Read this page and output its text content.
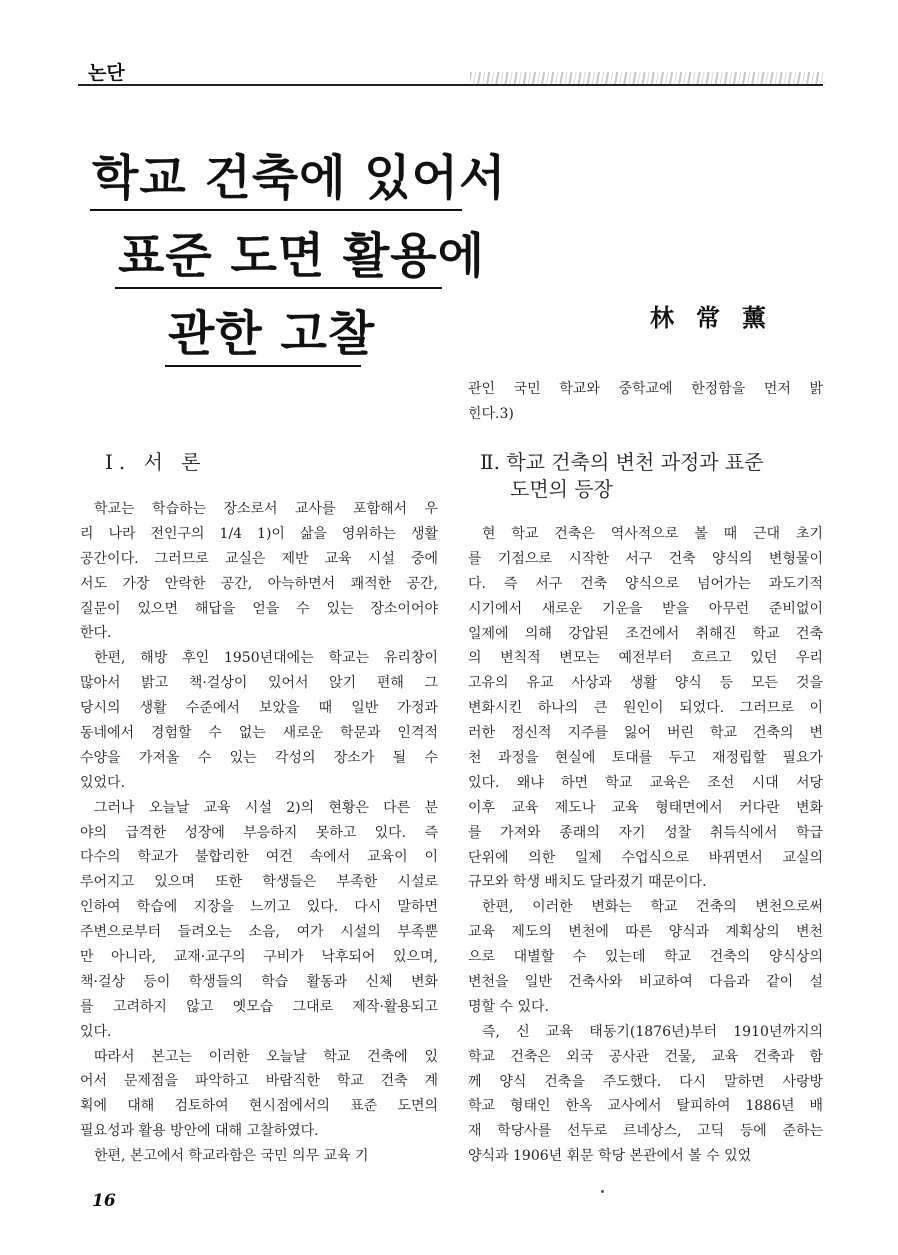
논단
학교 건축에 있어서
표준 도면 활용에
관한 고찰	林常薰
관인 국민 학교와 중학교에 한정함을 먼저 밝
힌다.3)
Ⅰ. 서 론	Ⅱ. 학교 건축의 변천 과정과 표준
도면의 등장
학교는 학습하는 장소로서 교사를 포함해서 우
리 나라 전인구의 1/4 1)이 삶을 영위하는 생활
공간이다. 그러므로 교실은 제반 교육 시설 중에
서도 가장 안락한 공간, 아늑하면서 쾌적한 공간,
질문이 있으면 해답을 얻을 수 있는 장소이어야
한다.
한편, 해방 후인 1950년대에는 학교는 유리창이
많아서 밝고 책·걸상이 있어서 앉기 편해 그
당시의 생활 수준에서 보았을 때 일반 가정과
동네에서 경험할 수 없는 새로운 학문과 인격적
수양을 가져올 수 있는 각성의 장소가 될 수
있었다.
그러나 오늘날 교육 시설 2)의 현황은 다른 분
야의 급격한 성장에 부응하지 못하고 있다. 즉
다수의 학교가 불합리한 여건 속에서 교육이 이
루어지고 있으며 또한 학생들은 부족한 시설로
인하여 학습에 지장을 느끼고 있다. 다시 말하면
주변으로부터 들려오는 소음, 여가 시설의 부족뿐
만 아니라, 교재·교구의 구비가 낙후되어 있으며,
책·걸상 등이 학생들의 학습 활동과 신체 변화
를 고려하지 않고 옛모습 그대로 제작·활용되고
있다.
따라서 본고는 이러한 오늘날 학교 건축에 있
어서 문제점을 파악하고 바람직한 학교 건축 계
획에 대해 검토하여 현시점에서의 표준 도면의
필요성과 활용 방안에 대해 고찰하였다.
한편, 본고에서 학교라함은 국민 의무 교육 기
현 학교 건축은 역사적으로 볼 때 근대 초기
를 기점으로 시작한 서구 건축 양식의 변형물이
다. 즉 서구 건축 양식으로 넘어가는 과도기적
시기에서 새로운 기운을 받을 아무런 준비없이
일제에 의해 강압된 조건에서 취해진 학교 건축
의 변칙적 변모는 예전부터 흐르고 있던 우리
고유의 유교 사상과 생활 양식 등 모든 것을
변화시킨 하나의 큰 원인이 되었다. 그러므로 이
러한 정신적 지주를 잃어 버린 학교 건축의 변
천 과정을 현실에 토대를 두고 재정립할 필요가
있다. 왜냐 하면 학교 교육은 조선 시대 서당
이후 교육 제도나 교육 형태면에서 커다란 변화
를 가져와 종래의 자기 성찰 취득식에서 학급
단위에 의한 일제 수업식으로 바뀌면서 교실의
규모와 학생 배치도 달라졌기 때문이다.
한편, 이러한 변화는 학교 건축의 변천으로써
교육 제도의 변천에 따른 양식과 계획상의 변천
으로 대별할 수 있는데 학교 건축의 양식상의
변천을 일반 건축사와 비교하여 다음과 같이 설
명할 수 있다.
즉, 신 교육 태동기(1876년)부터 1910년까지의
학교 건축은 외국 공사관 건물, 교육 건축과 함
께 양식 건축을 주도했다. 다시 말하면 사랑방
학교 형태인 한옥 교사에서 탈피하여 1886년 배
재 학당사를 선두로 르네상스, 고딕 등에 준하는
양식과 1906년 휘문 학당 본관에서 볼 수 있었
16
